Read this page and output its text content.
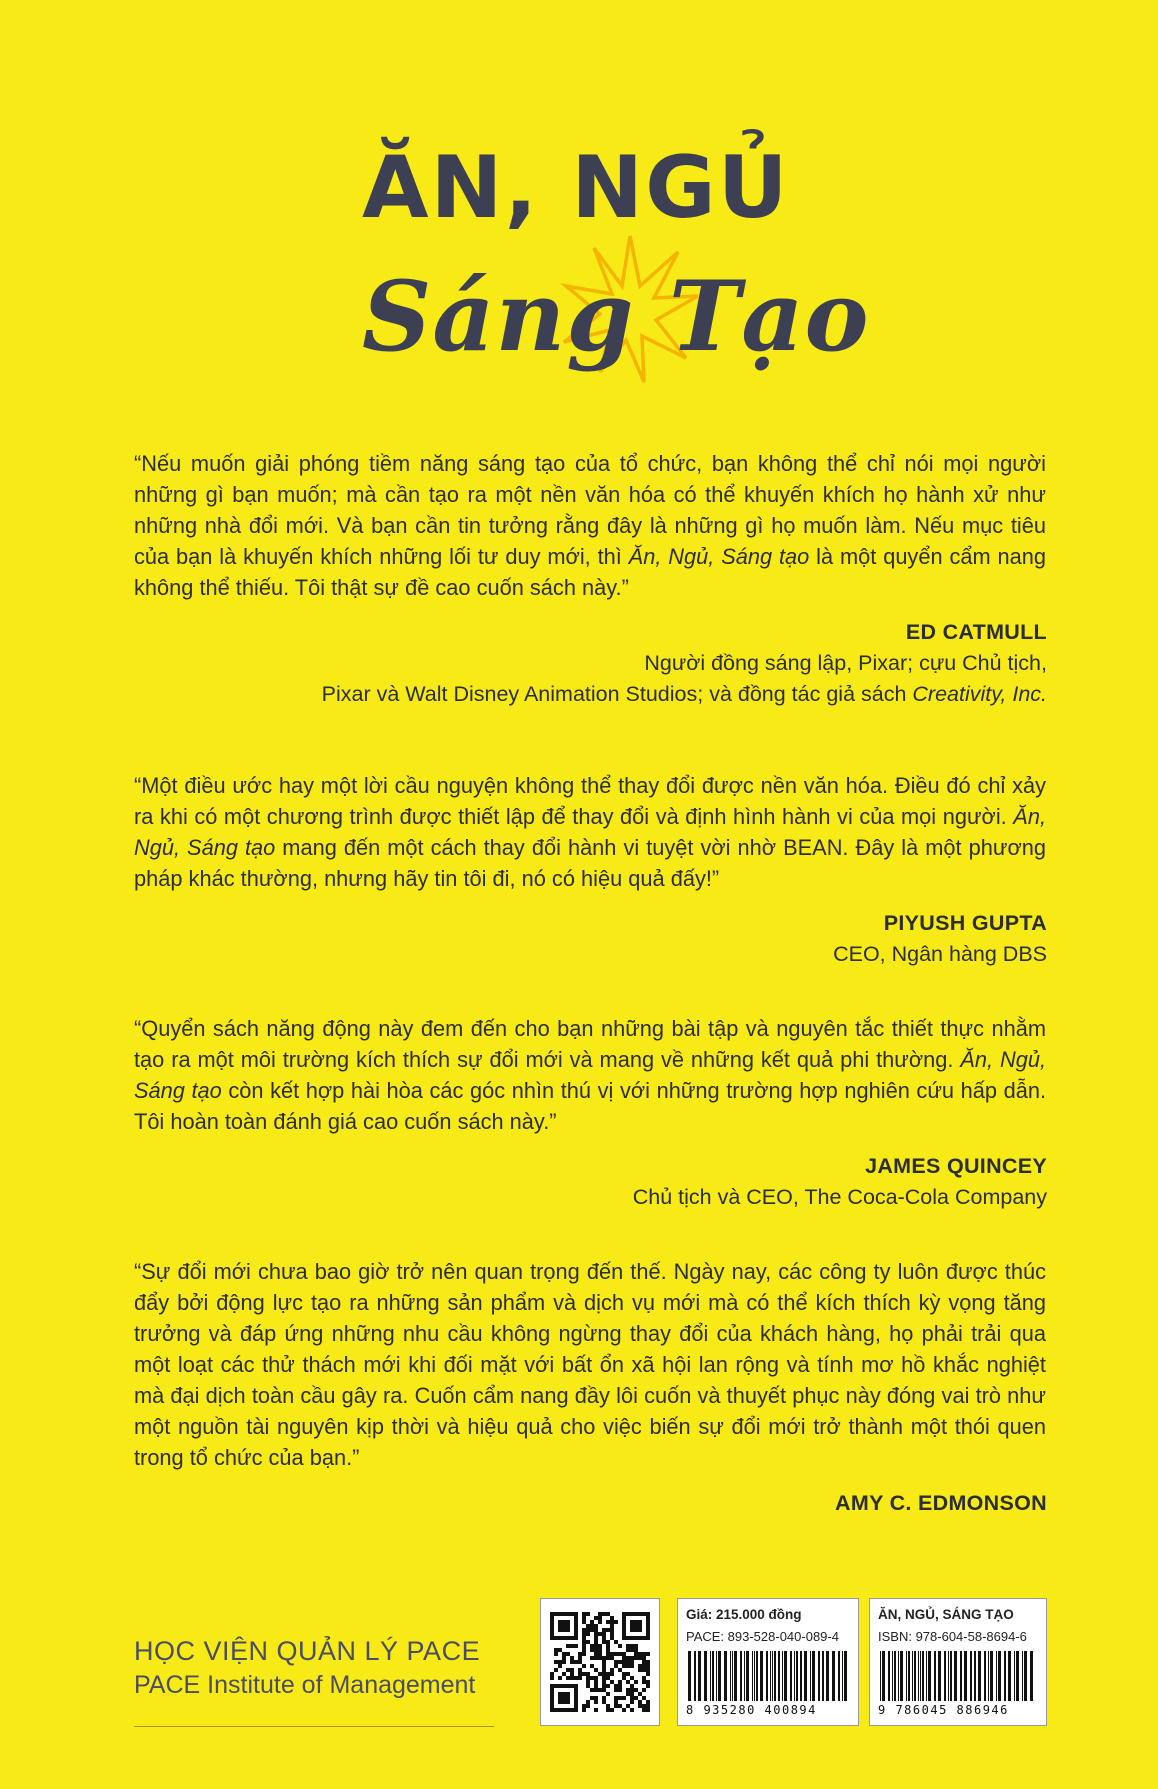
ĂN, NGỦ
Sáng Tạo

“Nếu muốn giải phóng tiềm năng sáng tạo của tổ chức, bạn không thể chỉ nói mọi người những gì bạn muốn; mà cần tạo ra một nền văn hóa có thể khuyến khích họ hành xử như những nhà đổi mới. Và bạn cần tin tưởng rằng đây là những gì họ muốn làm. Nếu mục tiêu của bạn là khuyến khích những lối tư duy mới, thì Ăn, Ngủ, Sáng tạo là một quyển cẩm nang không thể thiếu. Tôi thật sự đề cao cuốn sách này.”

ED CATMULL
Người đồng sáng lập, Pixar; cựu Chủ tịch,
Pixar và Walt Disney Animation Studios; và đồng tác giả sách Creativity, Inc.

“Một điều ước hay một lời cầu nguyện không thể thay đổi được nền văn hóa. Điều đó chỉ xảy ra khi có một chương trình được thiết lập để thay đổi và định hình hành vi của mọi người. Ăn, Ngủ, Sáng tạo mang đến một cách thay đổi hành vi tuyệt vời nhờ BEAN. Đây là một phương pháp khác thường, nhưng hãy tin tôi đi, nó có hiệu quả đấy!”

PIYUSH GUPTA
CEO, Ngân hàng DBS

“Quyển sách năng động này đem đến cho bạn những bài tập và nguyên tắc thiết thực nhằm tạo ra một môi trường kích thích sự đổi mới và mang về những kết quả phi thường. Ăn, Ngủ, Sáng tạo còn kết hợp hài hòa các góc nhìn thú vị với những trường hợp nghiên cứu hấp dẫn. Tôi hoàn toàn đánh giá cao cuốn sách này.”

JAMES QUINCEY
Chủ tịch và CEO, The Coca-Cola Company

“Sự đổi mới chưa bao giờ trở nên quan trọng đến thế. Ngày nay, các công ty luôn được thúc đẩy bởi động lực tạo ra những sản phẩm và dịch vụ mới mà có thể kích thích kỳ vọng tăng trưởng và đáp ứng những nhu cầu không ngừng thay đổi của khách hàng, họ phải trải qua một loạt các thử thách mới khi đối mặt với bất ổn xã hội lan rộng và tính mơ hồ khắc nghiệt mà đại dịch toàn cầu gây ra. Cuốn cẩm nang đầy lôi cuốn và thuyết phục này đóng vai trò như một nguồn tài nguyên kịp thời và hiệu quả cho việc biến sự đổi mới trở thành một thói quen trong tổ chức của bạn.”

AMY C. EDMONSON
HỌC VIỆN QUẢN LÝ PACE
PACE Institute of Management
Giá: 215.000 đồng
PACE: 893-528-040-089-4
8 935280 400894
ĂN, NGỦ, SÁNG TẠO
ISBN: 978-604-58-8694-6
9 786045 886946
